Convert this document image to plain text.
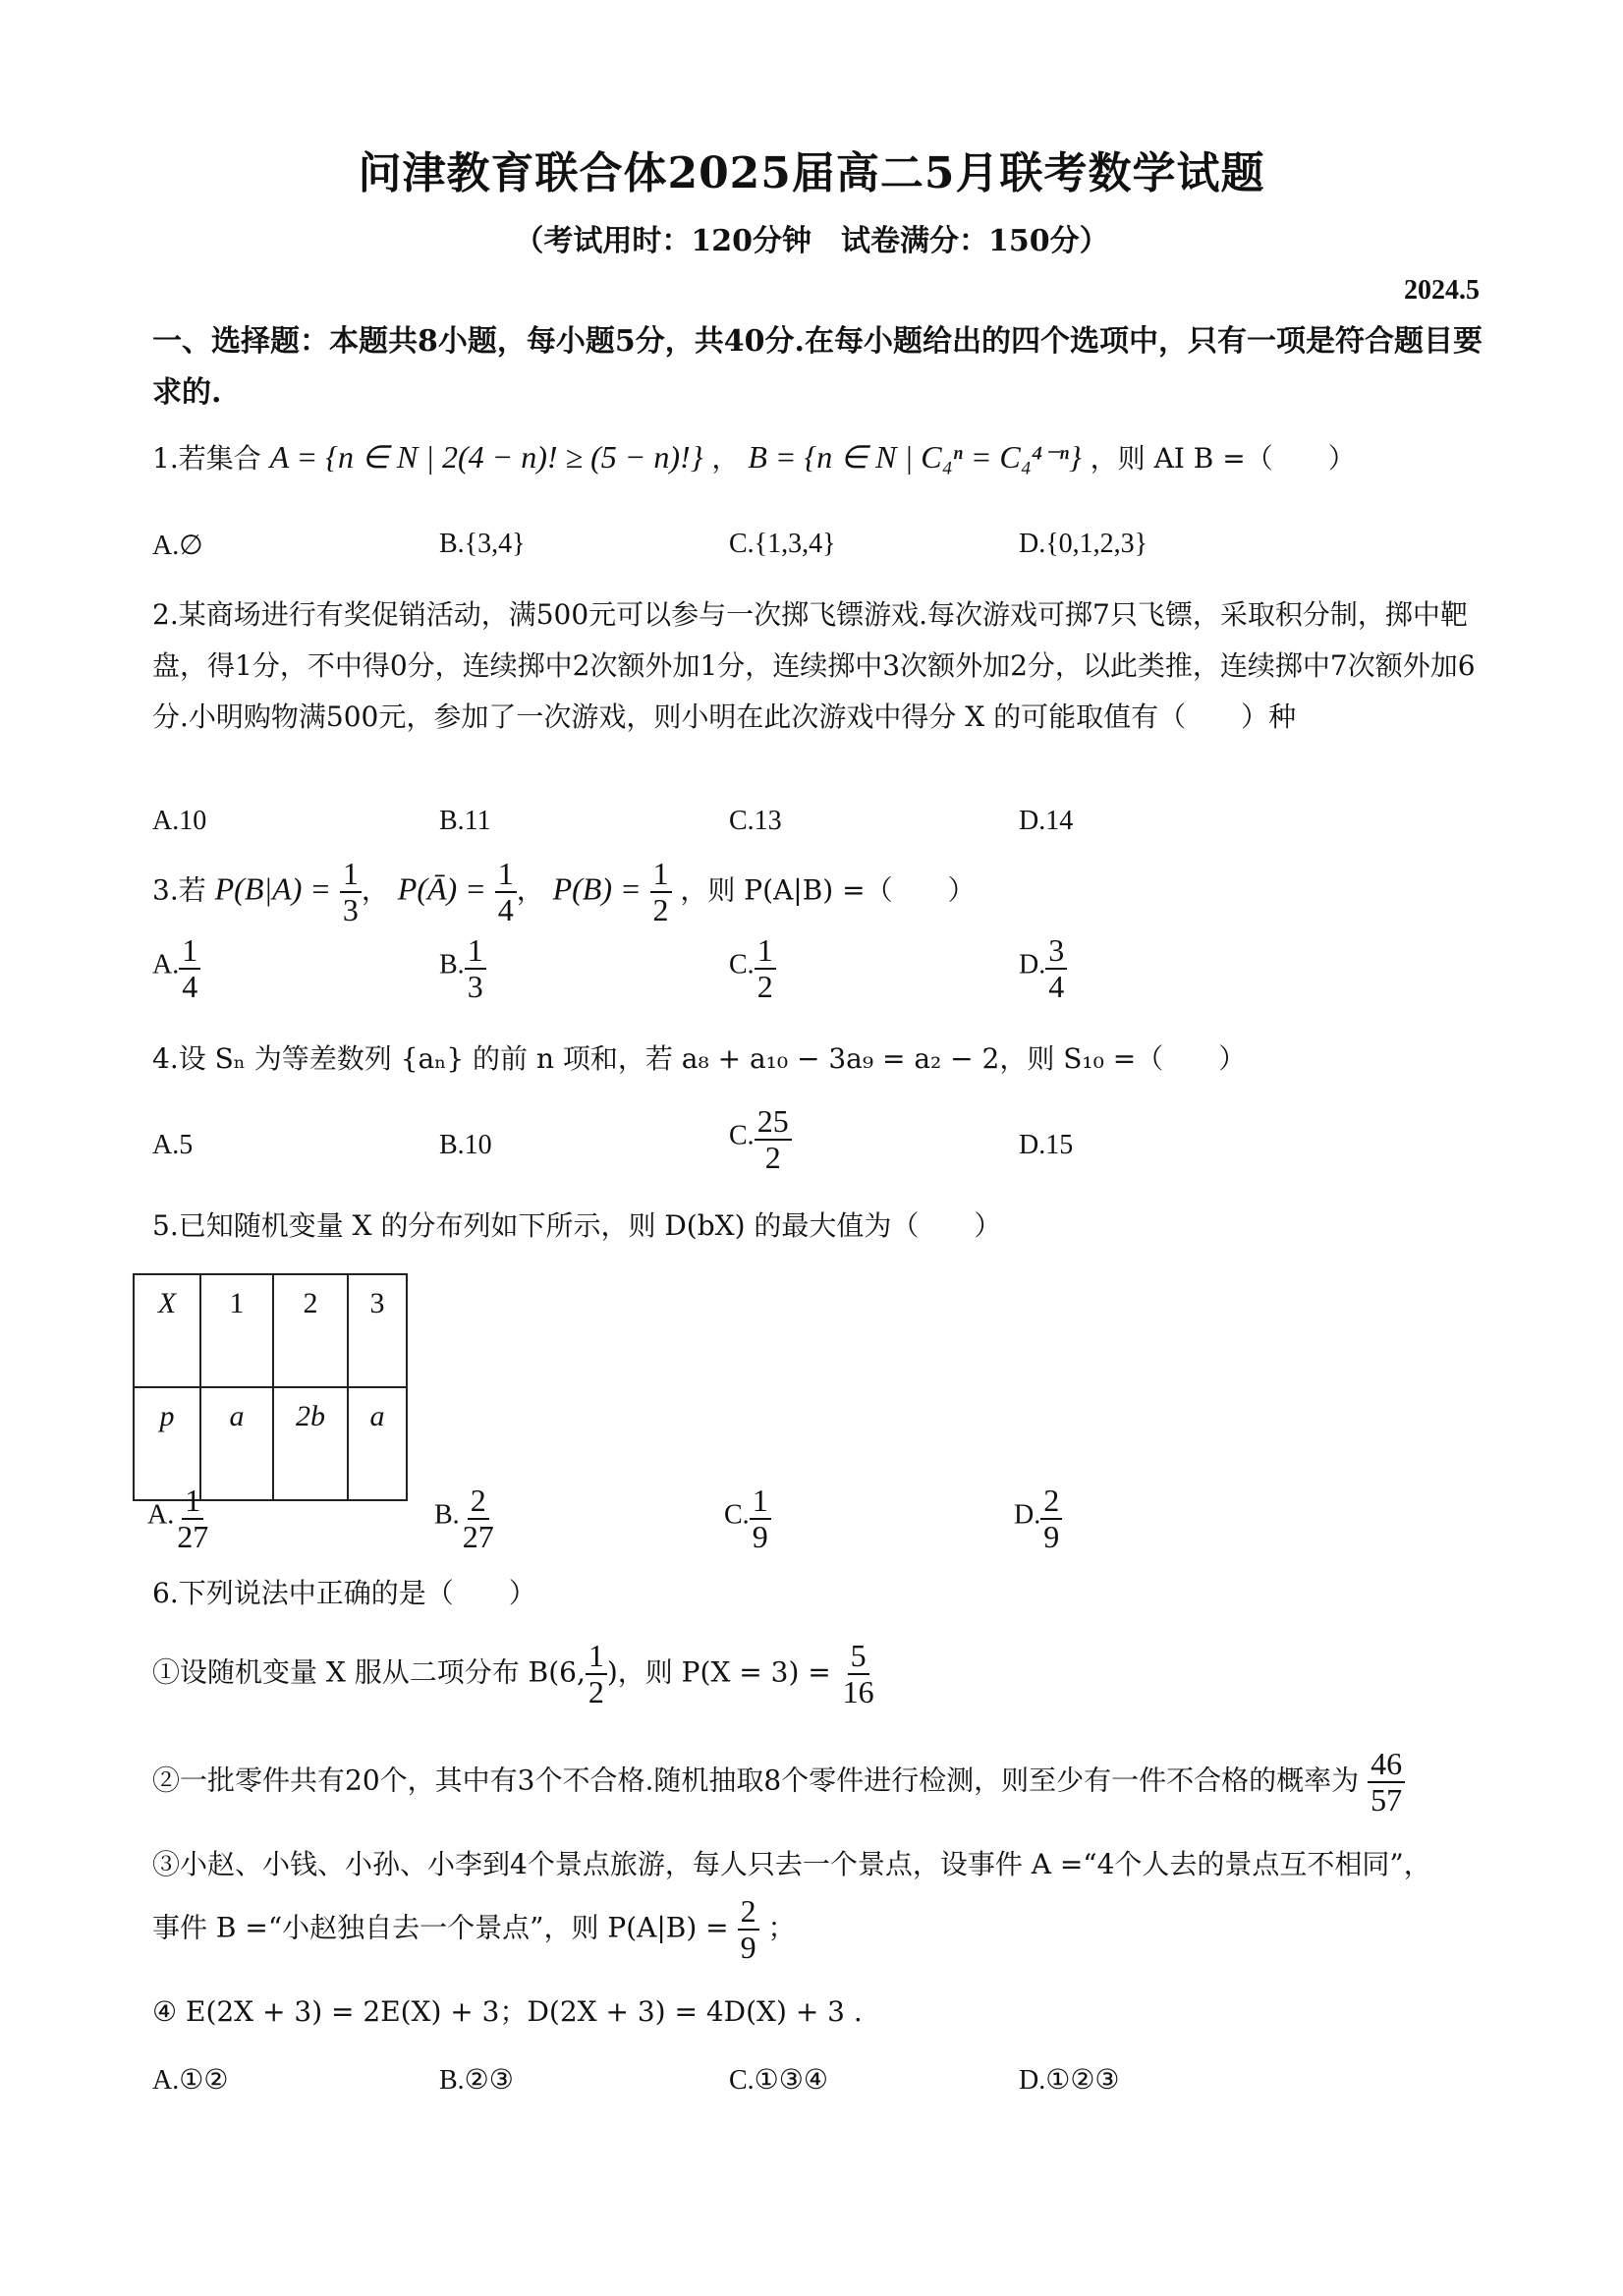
问津教育联合体2025届高二5月联考数学试题
（考试用时：120分钟　试卷满分：150分）
2024.5
一、选择题：本题共8小题，每小题5分，共40分.在每小题给出的四个选项中，只有一项是符合题目要求的.
1.若集合 A = {n ∈ N | 2(4 − n)! ≥ (5 − n)!} ， B = {n ∈ N | C₄ⁿ = C₄⁴⁻ⁿ} ，则 AI B =（　　）
A.∅	B.{3,4}	C.{1,3,4}	D.{0,1,2,3}
2.某商场进行有奖促销活动，满500元可以参与一次掷飞镖游戏.每次游戏可掷7只飞镖，采取积分制，掷中靶盘，得1分，不中得0分，连续掷中2次额外加1分，连续掷中3次额外加2分，以此类推，连续掷中7次额外加6分.小明购物满500元，参加了一次游戏，则小明在此次游戏中得分 X 的可能取值有（　　）种
A.10	B.11	C.13	D.14
3.若 $P(B|A) = \frac{1}{3}$ ， P(Ā) = $\frac{1}{4}$ ， $P(B) = \frac{1}{2}$ ，则 P(A|B) =（　　）
A. $\frac{1}{4}$	B. $\frac{1}{3}$	C. $\frac{1}{2}$	D. $\frac{3}{4}$
4.设 Sₙ 为等差数列 {aₙ} 的前 n 项和，若 a₈ + a₁₀ − 3a₉ = a₂ − 2，则 S₁₀ =（　　）
A.5	B.10	C. $\frac{25}{2}$	D.15
5.已知随机变量 X 的分布列如下所示，则 D(bX) 的最大值为（　　）
X	1	2	3
p	a	2b	a
A. $\frac{1}{27}$	B. $\frac{2}{27}$	C. $\frac{1}{9}$	D. $\frac{2}{9}$
6.下列说法中正确的是（　　）
①设随机变量 X 服从二项分布 B(6, $\frac{1}{2}$ )，则 $P(X = 3) = \frac{5}{16}$
②一批零件共有20个，其中有3个不合格.随机抽取8个零件进行检测，则至少有一件不合格的概率为 $\frac{46}{57}$
③小赵、小钱、小孙、小李到4个景点旅游，每人只去一个景点，设事件 A =“4个人去的景点互不相同”，
事件 B =“小赵独自去一个景点”，则 $P(A|B) = \frac{2}{9}$ ；
④ E(2X + 3) = 2E(X) + 3；D(2X + 3) = 4D(X) + 3 .
A.①②	B.②③	C.①③④	D.①②③
